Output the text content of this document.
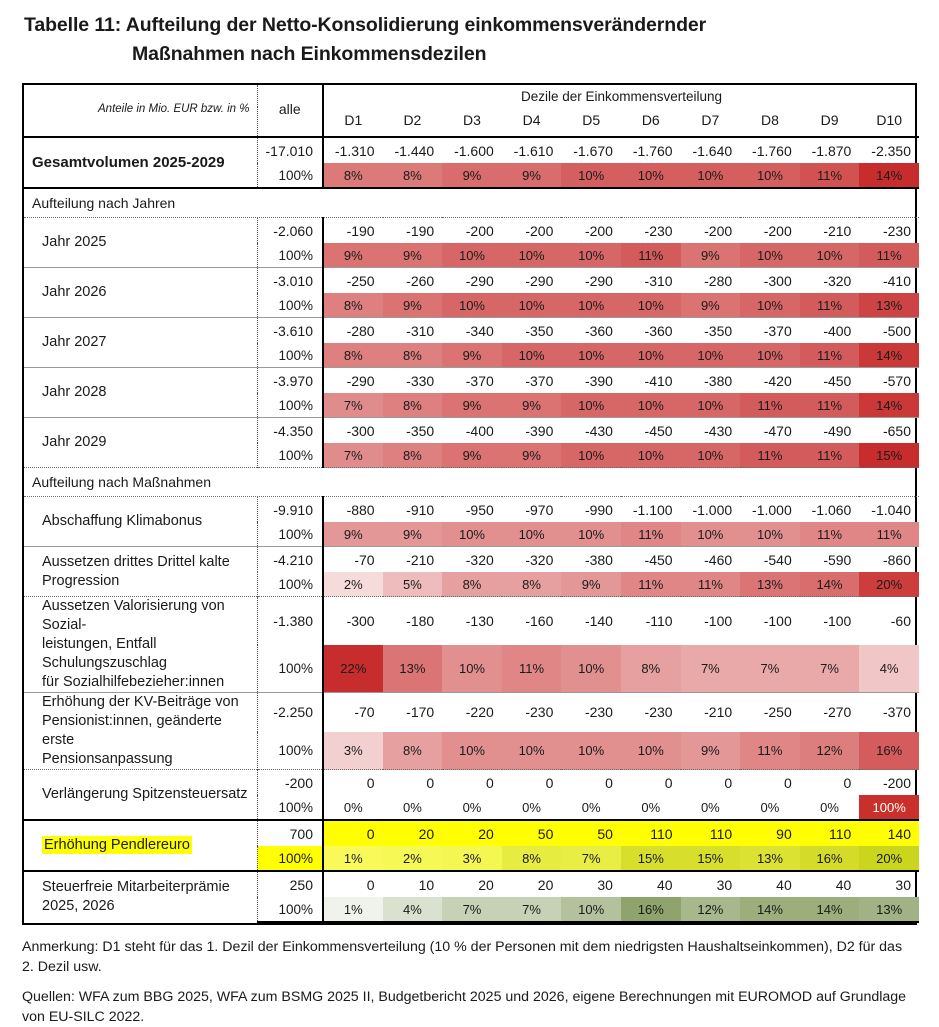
Tabelle 11: Aufteilung der Netto-Konsolidierung einkommensverändernder
Maßnahmen nach Einkommensdezilen
Anteile in Mio. EUR bzw. in %	alle	Dezile der Einkommensverteilung									
		D1	D2	D3	D4	D5	D6	D7	D8	D9	D10

Gesamtvolumen 2025-2029	-17.010	-1.310	-1.440	-1.600	-1.610	-1.670	-1.760	-1.640	-1.760	-1.870	-2.350
	100%	8%	8%	9%	9%	10%	10%	10%	10%	11%	14%
Aufteilung nach Jahren											

Jahr 2025	-2.060	-190	-190	-200	-200	-200	-230	-200	-200	-210	-230
	100%	9%	9%	10%	10%	10%	11%	9%	10%	10%	11%

Jahr 2026	-3.010	-250	-260	-290	-290	-290	-310	-280	-300	-320	-410
	100%	8%	9%	10%	10%	10%	10%	9%	10%	11%	13%

Jahr 2027	-3.610	-280	-310	-340	-350	-360	-360	-350	-370	-400	-500
	100%	8%	8%	9%	10%	10%	10%	10%	10%	11%	14%

Jahr 2028	-3.970	-290	-330	-370	-370	-390	-410	-380	-420	-450	-570
	100%	7%	8%	9%	9%	10%	10%	10%	11%	11%	14%

Jahr 2029	-4.350	-300	-350	-400	-390	-430	-450	-430	-470	-490	-650
	100%	7%	8%	9%	9%	10%	10%	10%	11%	11%	15%
Aufteilung nach Maßnahmen											

Abschaffung Klimabonus	-9.910	-880	-910	-950	-970	-990	-1.100	-1.000	-1.000	-1.060	-1.040
	100%	9%	9%	10%	10%	10%	11%	10%	10%	11%	11%

Aussetzen drittes Drittel kalte
Progression	-4.210	-70	-210	-320	-320	-380	-450	-460	-540	-590	-860
	100%	2%	5%	8%	8%	9%	11%	11%	13%	14%	20%

Aussetzen Valorisierung von Sozial-
leistungen, Entfall Schulungszuschlag
für Sozialhilfebezieher:innen	-1.380	-300	-180	-130	-160	-140	-110	-100	-100	-100	-60
	100%	22%	13%	10%	11%	10%	8%	7%	7%	7%	4%

Erhöhung der KV-Beiträge von
Pensionist:innen, geänderte erste
Pensionsanpassung	-2.250	-70	-170	-220	-230	-230	-230	-210	-250	-270	-370
	100%	3%	8%	10%	10%	10%	10%	9%	11%	12%	16%

Verlängerung Spitzensteuersatz	-200	0	0	0	0	0	0	0	0	0	-200
	100%	0%	0%	0%	0%	0%	0%	0%	0%	0%	100%

Erhöhung Pendlereuro	700	0	20	20	50	50	110	110	90	110	140
	100%	1%	2%	3%	8%	7%	15%	15%	13%	16%	20%

Steuerfreie Mitarbeiterprämie
2025, 2026	250	0	10	20	20	30	40	30	40	40	30
	100%	1%	4%	7%	7%	10%	16%	12%	14%	14%	13%

Anmerkung: D1 steht für das 1. Dezil der Einkommensverteilung (10 % der Personen mit dem niedrigsten Haushaltseinkommen), D2 für das 2. Dezil usw.

Quellen: WFA zum BBG 2025, WFA zum BSMG 2025 II, Budgetbericht 2025 und 2026, eigene Berechnungen mit EUROMOD auf Grundlage von EU-SILC 2022.
